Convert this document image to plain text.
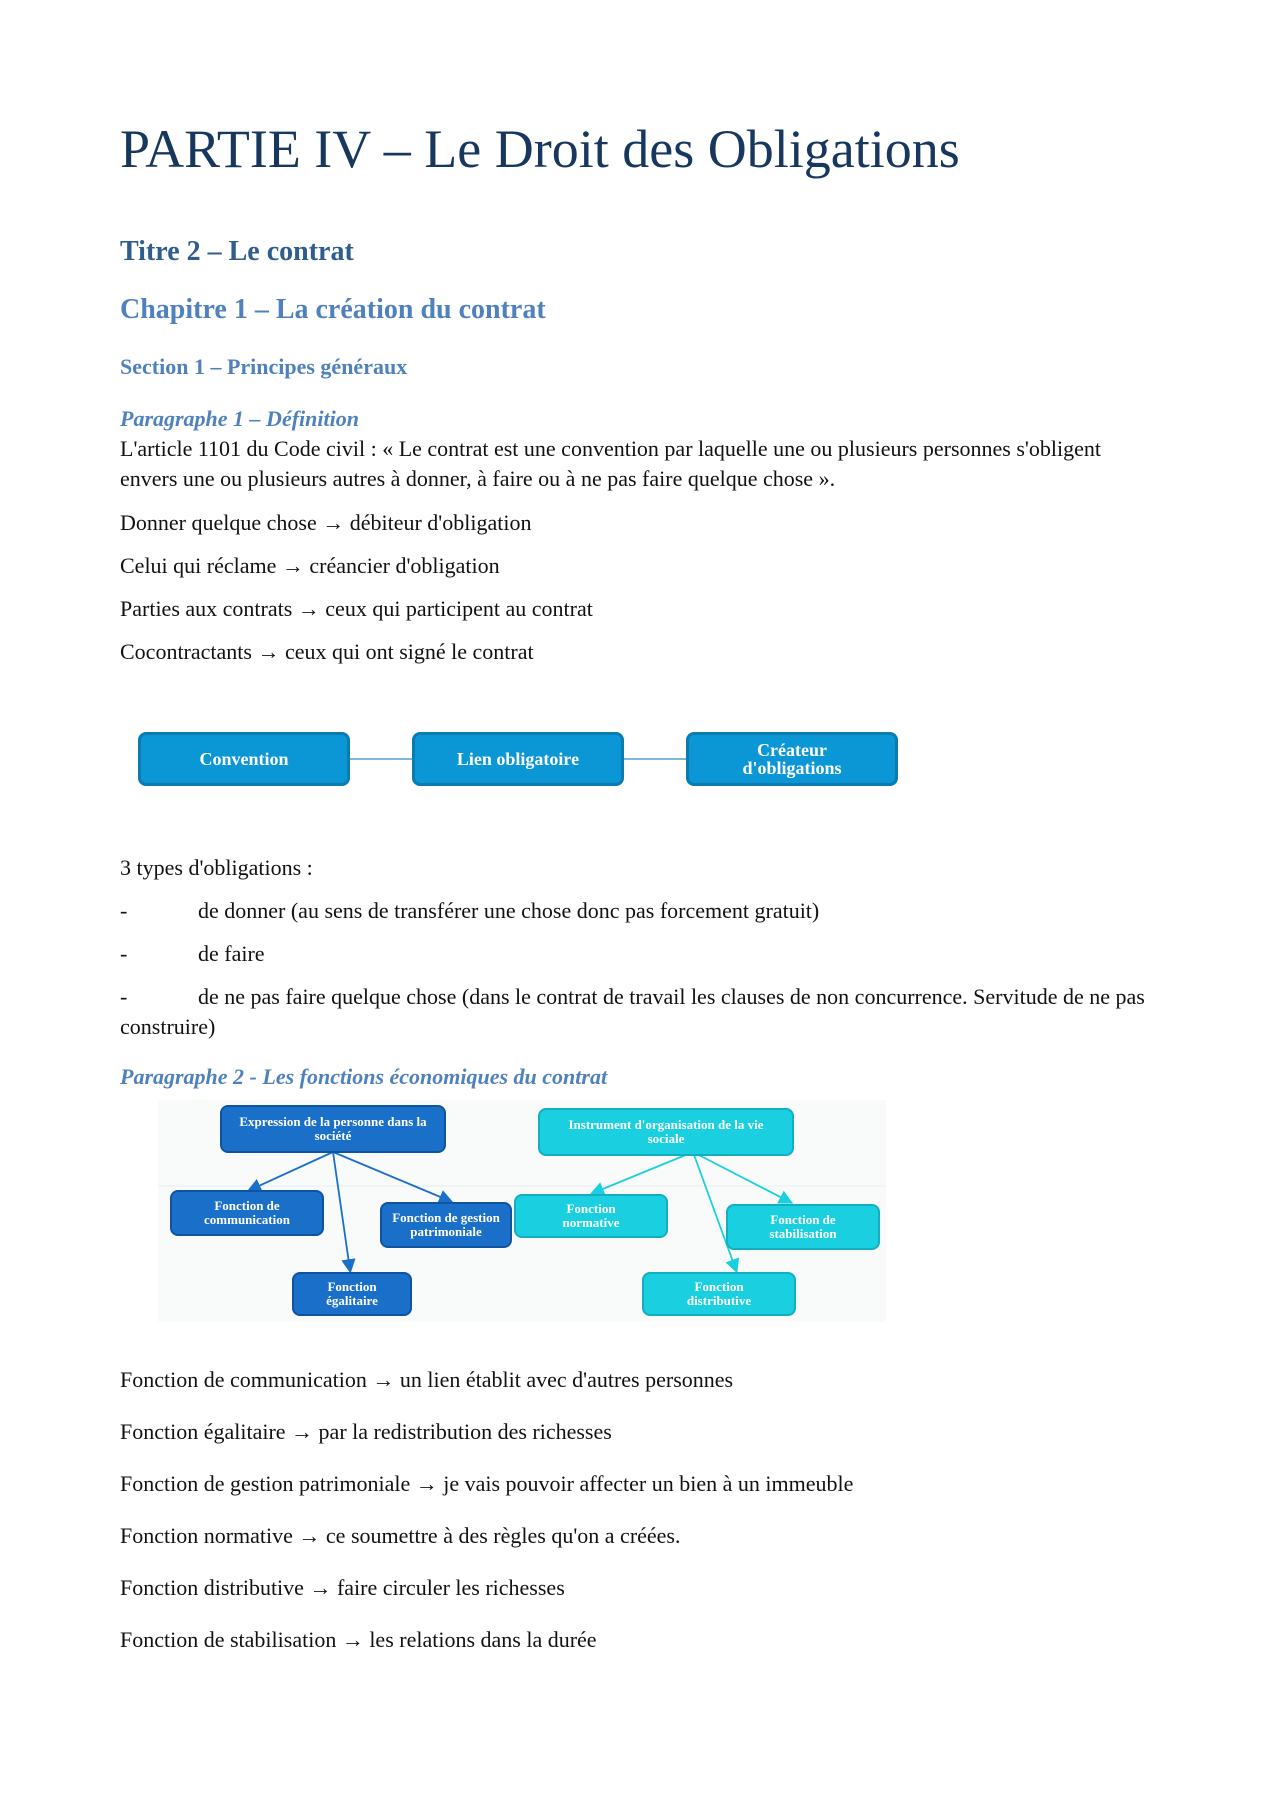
PARTIE IV – Le Droit des Obligations
Titre 2 – Le contrat
Chapitre 1 – La création du contrat
Section 1 – Principes généraux
Paragraphe 1 – Définition

L'article 1101 du Code civil : « Le contrat est une convention par laquelle une ou plusieurs personnes s'obligent envers une ou plusieurs autres à donner, à faire ou à ne pas faire quelque chose ».

Donner quelque chose → débiteur d'obligation

Celui qui réclame → créancier d'obligation

Parties aux contrats → ceux qui participent au contrat

Cocontractants → ceux qui ont signé le contrat

3 types d'obligations :

-	de donner (au sens de transférer une chose donc pas forcement gratuit)
-	de faire
-	de ne pas faire quelque chose (dans le contrat de travail les clauses de non concurrence. Servitude de ne pas construire)
Paragraphe 2 - Les fonctions économiques du contrat

Fonction de communication → un lien établit avec d'autres personnes

Fonction égalitaire → par la redistribution des richesses

Fonction de gestion patrimoniale → je vais pouvoir affecter un bien à un immeuble

Fonction normative → ce soumettre à des règles qu'on a créées.

Fonction distributive → faire circuler les richesses

Fonction de stabilisation → les relations dans la durée

Convention	Lien obligatoire	Créateur d'obligations
Expression de la personne dans la société
Fonction de communication	Fonction de gestion patrimoniale
Fonction égalitaire
Instrument d'organisation de la vie sociale
Fonction normative	Fonction de stabilisation
Fonction distributive
